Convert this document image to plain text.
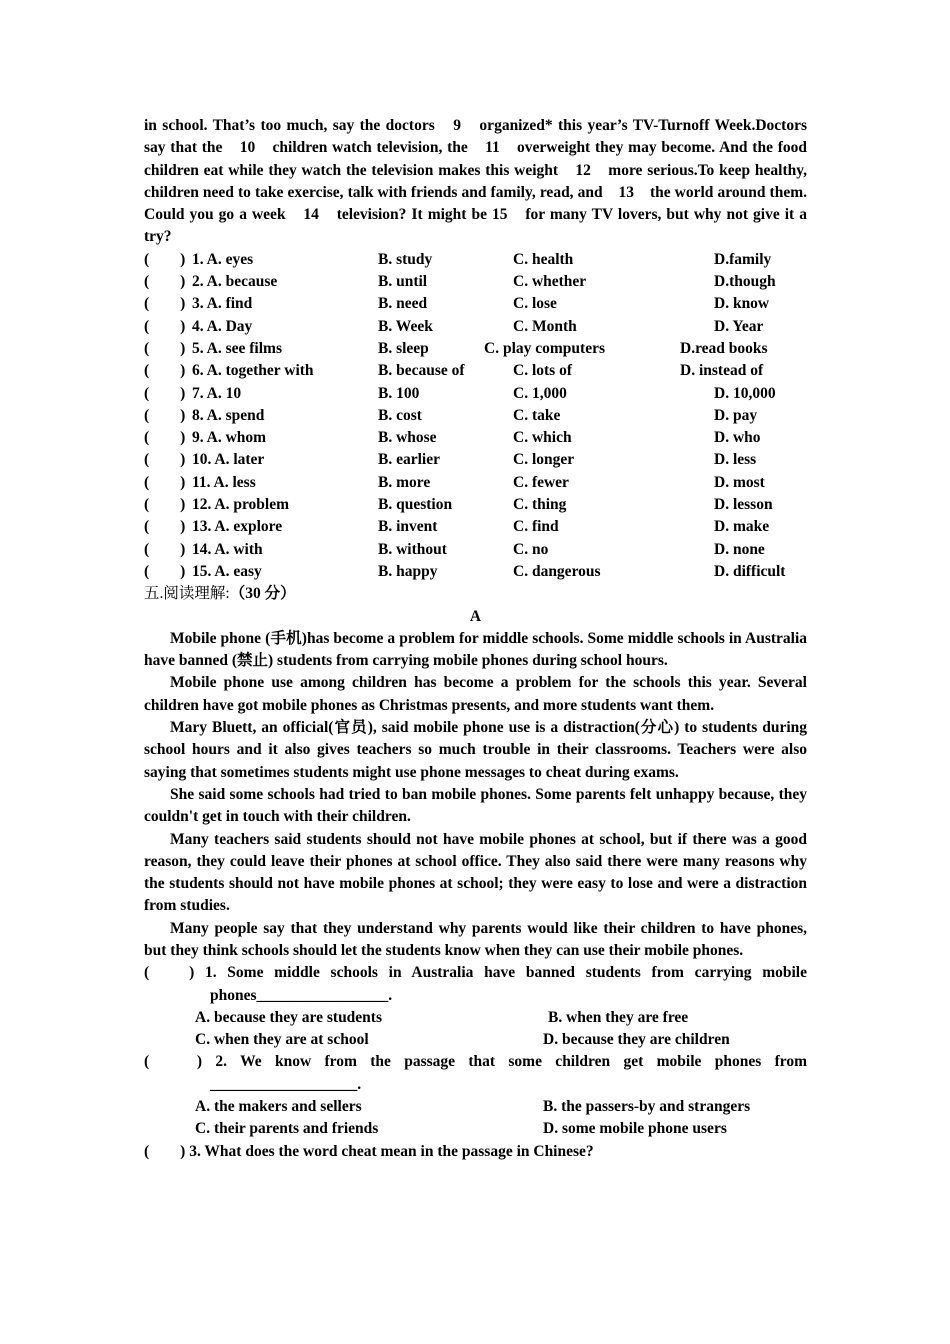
in school. That’s too much, say the doctors　9　organized* this year’s TV-Turnoff Week.Doctors say that the　10　children watch television, the　11　overweight they may become. And the food children eat while they watch the television makes this weight　12　more serious.To keep healthy, children need to take exercise, talk with friends and family, read, and　13　the world around them. Could you go a week　14　television? It might be 15　for many TV lovers, but why not give it a try?

(　　) 1. A. eyes	B. study	C. health	D.family
(　　) 2. A. because	B. until	C. whether	D.though
(　　) 3. A. find	B. need	C. lose	D. know
(　　) 4. A. Day	B. Week	C. Month	D. Year
(　　) 5. A. see films	B. sleep	C. play computers	D.read books
(　　) 6. A. together with	B. because of	C. lots of	D. instead of
(　　) 7. A. 10	B. 100	C. 1,000	D. 10,000
(　　) 8. A. spend	B. cost	C. take	D. pay
(　　) 9. A. whom	B. whose	C. which	D. who
(　　) 10. A. later	B. earlier	C. longer	D. less
(　　) 11. A. less	B. more	C. fewer	D. most
(　　) 12. A. problem	B. question	C. thing	D. lesson
(　　) 13. A. explore	B. invent	C. find	D. make
(　　) 14. A. with	B. without	C. no	D. none
(　　) 15. A. easy	B. happy	C. dangerous	D. difficult
五.阅读理解:（30 分）
A

Mobile phone (手机)has become a problem for middle schools. Some middle schools in Australia have banned (禁止) students from carrying mobile phones during school hours.

Mobile phone use among children has become a problem for the schools this year. Several children have got mobile phones as Christmas presents, and more students want them.

Mary Bluett, an official(官员), said mobile phone use is a distraction(分心) to students during school hours and it also gives teachers so much trouble in their classrooms. Teachers were also saying that sometimes students might use phone messages to cheat during exams.

She said some schools had tried to ban mobile phones. Some parents felt unhappy because, they couldn't get in touch with their children.

Many teachers said students should not have mobile phones at school, but if there was a good reason, they could leave their phones at school office. They also said there were many reasons why the students should not have mobile phones at school; they were easy to lose and were a distraction from studies.

Many people say that they understand why parents would like their children to have phones, but they think schools should let the students know when they can use their mobile phones.

(　 ) 1. Some middle schools in Australia have banned students from carrying mobile

phones_________________.
A. because they are students	B. when they are free
C. when they are at school	D. because they are children

(　 ) 2. We know from the passage that some children get mobile phones from

___________________.
A. the makers and sellers	B. the passers-by and strangers
C. their parents and friends	D. some mobile phone users
(　　) 3. What does the word cheat mean in the passage in Chinese?
